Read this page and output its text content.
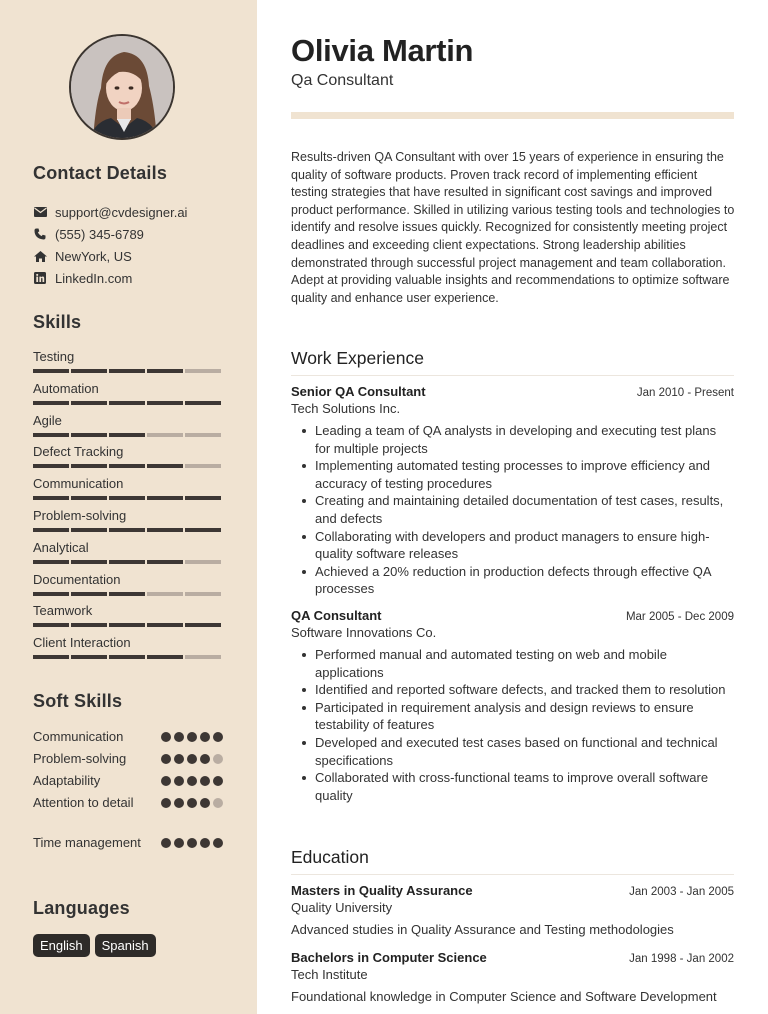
Contact Details
support@cvdesigner.ai
(555) 345-6789
NewYork, US
LinkedIn.com
Skills
Testing
Automation
Agile
Defect Tracking
Communication
Problem-solving
Analytical
Documentation
Teamwork
Client Interaction
Soft Skills
Communication
Problem-solving
Adaptability
Attention to detail
Time management
Languages
English	Spanish
Olivia Martin
Qa Consultant
Results-driven QA Consultant with over 15 years of experience in ensuring the quality of software products. Proven track record of implementing efficient testing strategies that have resulted in significant cost savings and improved product performance. Skilled in utilizing various testing tools and technologies to identify and resolve issues quickly. Recognized for consistently meeting project deadlines and exceeding client expectations. Strong leadership abilities demonstrated through successful project management and team collaboration. Adept at providing valuable insights and recommendations to optimize software quality and enhance user experience.
Work Experience
Senior QA Consultant	Jan 2010 - Present
Tech Solutions Inc.
Leading a team of QA analysts in developing and executing test plans for multiple projects
Implementing automated testing processes to improve efficiency and accuracy of testing procedures
Creating and maintaining detailed documentation of test cases, results, and defects
Collaborating with developers and product managers to ensure high-quality software releases
Achieved a 20% reduction in production defects through effective QA processes
QA Consultant	Mar 2005 - Dec 2009
Software Innovations Co.
Performed manual and automated testing on web and mobile applications
Identified and reported software defects, and tracked them to resolution
Participated in requirement analysis and design reviews to ensure testability of features
Developed and executed test cases based on functional and technical specifications
Collaborated with cross-functional teams to improve overall software quality
Education
Masters in Quality Assurance	Jan 2003 - Jan 2005
Quality University
Advanced studies in Quality Assurance and Testing methodologies
Bachelors in Computer Science	Jan 1998 - Jan 2002
Tech Institute
Foundational knowledge in Computer Science and Software Development
